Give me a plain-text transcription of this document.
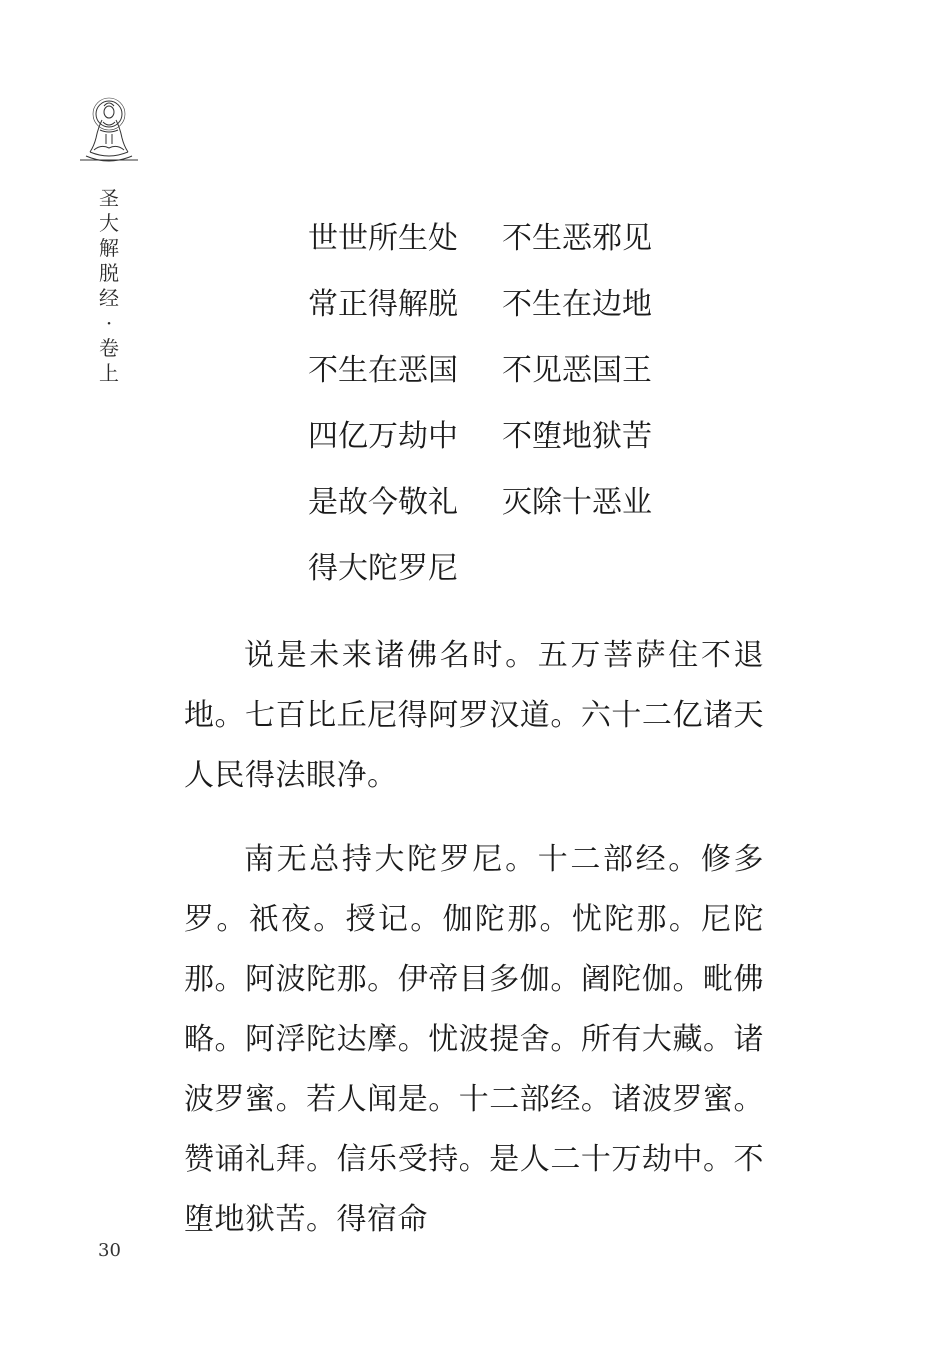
圣
大
解
脱
经
·
卷
上
世世所生处 不生恶邪见
常正得解脱 不生在边地
不生在恶国 不见恶国王
四亿万劫中 不堕地狱苦
是故今敬礼 灭除十恶业
得大陀罗尼

说是未来诸佛名时。五万菩萨住不退地。七百比丘尼得阿罗汉道。六十二亿诸天人民得法眼净。

南无总持大陀罗尼。十二部经。修多罗。祇夜。授记。伽陀那。忧陀那。尼陀那。阿波陀那。伊帝目多伽。阇陀伽。毗佛略。阿浮陀达摩。忧波提舍。所有大藏。诸波罗蜜。若人闻是。十二部经。诸波罗蜜。赞诵礼拜。信乐受持。是人二十万劫中。不堕地狱苦。得宿命

30
